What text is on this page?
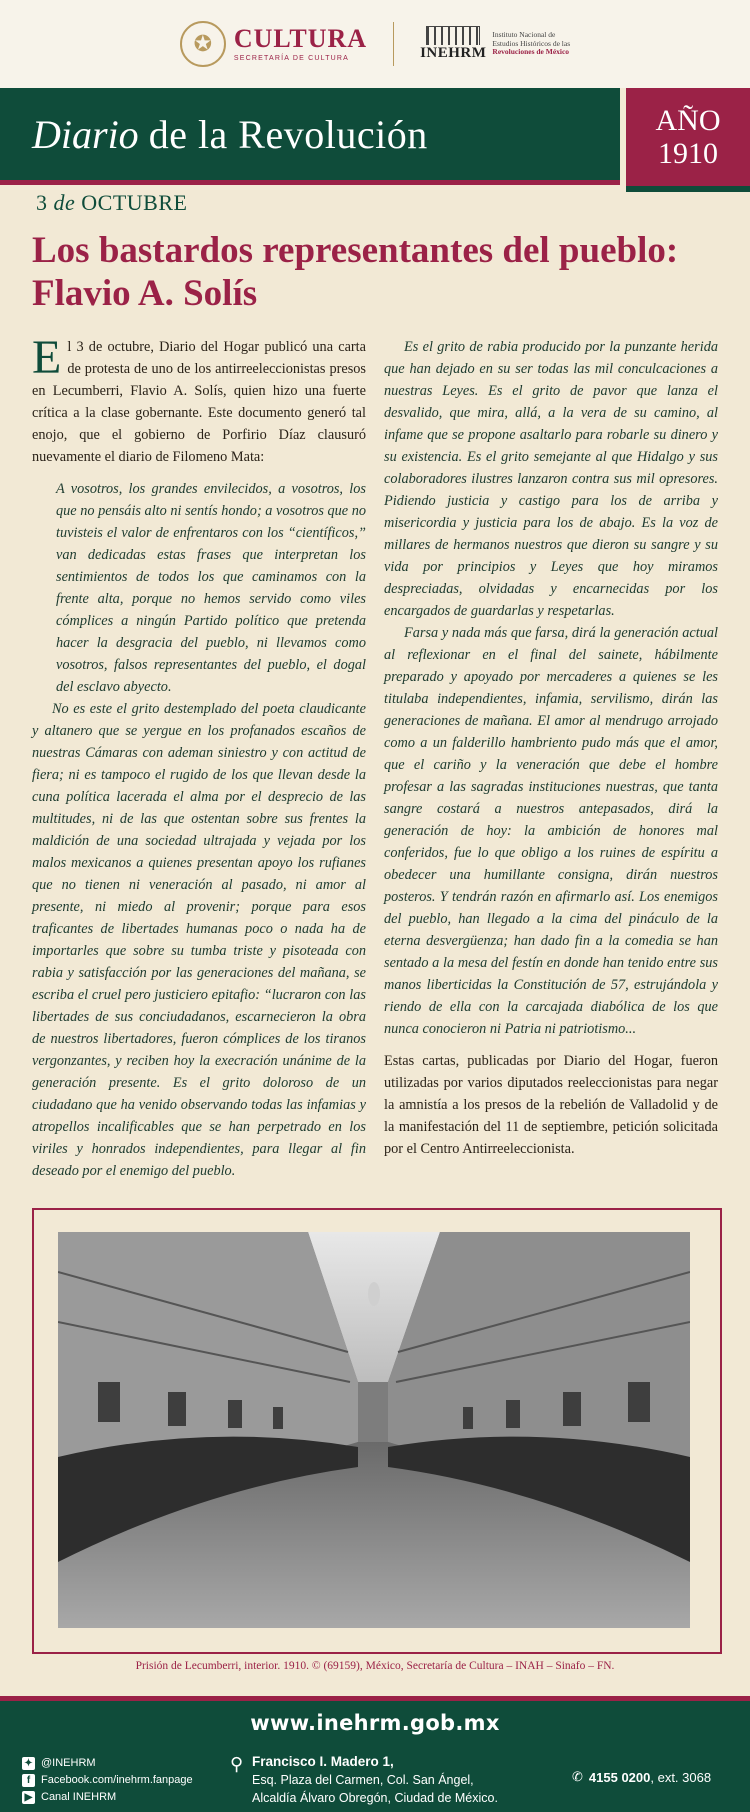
✪ CULTURA
SECRETARÍA DE CULTURA	INEHRM
Instituto Nacional de
Estudios Históricos de las
Revoluciones de México
Diario de la Revolución	AÑO
1910
3 de OCTUBRE
Los bastardos representantes del pueblo: Flavio A. Solís

El 3 de octubre, Diario del Hogar publicó una carta de protesta de uno de los antirreeleccionistas presos en Lecumberri, Flavio A. Solís, quien hizo una fuerte crítica a la clase gobernante. Este documento generó tal enojo, que el gobierno de Porfirio Díaz clausuró nuevamente el diario de Filomeno Mata:

A vosotros, los grandes envilecidos, a vosotros, los que no pensáis alto ni sentís hondo; a vosotros que no tuvisteis el valor de enfrentaros con los “científicos,” van dedicadas estas frases que interpretan los sentimientos de todos los que caminamos con la frente alta, porque no hemos servido como viles cómplices a ningún Partido político que pretenda hacer la desgracia del pueblo, ni llevamos como vosotros, falsos representantes del pueblo, el dogal del esclavo abyecto.

No es este el grito destemplado del poeta claudicante y altanero que se yergue en los profanados escaños de nuestras Cámaras con ademan siniestro y con actitud de fiera; ni es tampoco el rugido de los que llevan desde la cuna política lacerada el alma por el desprecio de las multitudes, ni de las que ostentan sobre sus frentes la maldición de una sociedad ultrajada y vejada por los malos mexicanos a quienes presentan apoyo los rufianes que no tienen ni veneración al pasado, ni amor al presente, ni miedo al provenir; porque para esos traficantes de libertades humanas poco o nada ha de importarles que sobre su tumba triste y pisoteada con rabia y satisfacción por las generaciones del mañana, se escriba el cruel pero justiciero epitafio: “lucraron con las libertades de sus conciudadanos, escarnecieron la obra de nuestros libertadores, fueron cómplices de los tiranos vergonzantes, y reciben hoy la execración unánime de la generación presente. Es el grito doloroso de un ciudadano que ha venido observando todas las infamias y atropellos incalificables que se han perpetrado en los viriles y honrados independientes, para llegar al fin deseado por el enemigo del pueblo.

Es el grito de rabia producido por la punzante herida que han dejado en su ser todas las mil conculcaciones a nuestras Leyes. Es el grito de pavor que lanza el desvalido, que mira, allá, a la vera de su camino, al infame que se propone asaltarlo para robarle su dinero y su existencia. Es el grito semejante al que Hidalgo y sus colaboradores ilustres lanzaron contra sus mil opresores. Pidiendo justicia y castigo para los de arriba y misericordia y justicia para los de abajo. Es la voz de millares de hermanos nuestros que dieron su sangre y su vida por principios y Leyes que hoy miramos despreciadas, olvidadas y encarnecidas por los encargados de guardarlas y respetarlas.

Farsa y nada más que farsa, dirá la generación actual al reflexionar en el final del sainete, hábilmente preparado y apoyado por mercaderes a quienes se les titulaba independientes, infamia, servilismo, dirán las generaciones de mañana. El amor al mendrugo arrojado como a un falderillo hambriento pudo más que el amor, que el cariño y la veneración que debe el hombre profesar a las sagradas instituciones nuestras, que tanta sangre costará a nuestros antepasados, dirá la generación de hoy: la ambición de honores mal conferidos, fue lo que obligo a los ruines de espíritu a obedecer una humillante consigna, dirán nuestros posteros. Y tendrán razón en afirmarlo así. Los enemigos del pueblo, han llegado a la cima del pináculo de la eterna desvergüenza; han dado fin a la comedia se han sentado a la mesa del festín en donde han tenido entre sus manos liberticidas la Constitución de 57, estrujándola y riendo de ella con la carcajada diabólica de los que nunca conocieron ni Patria ni patriotismo...

Estas cartas, publicadas por Diario del Hogar, fueron utilizadas por varios diputados reeleccionistas para negar la amnistía a los presos de la rebelión de Valladolid y de la manifestación del 11 de septiembre, petición solicitada por el Centro Antirreeleccionista.

Prisión de Lecumberri, interior. 1910. © (69159), México, Secretaría de Cultura – INAH – Sinafo – FN.
www.inehrm.gob.mx
✦ @INEHRM
f Facebook.com/inehrm.fanpage
▶ Canal INEHRM
⚲ Francisco I. Madero 1,
Esq. Plaza del Carmen, Col. San Ángel,
Alcaldía Álvaro Obregón, Ciudad de México.
✆ 4155 0200, ext. 3068
